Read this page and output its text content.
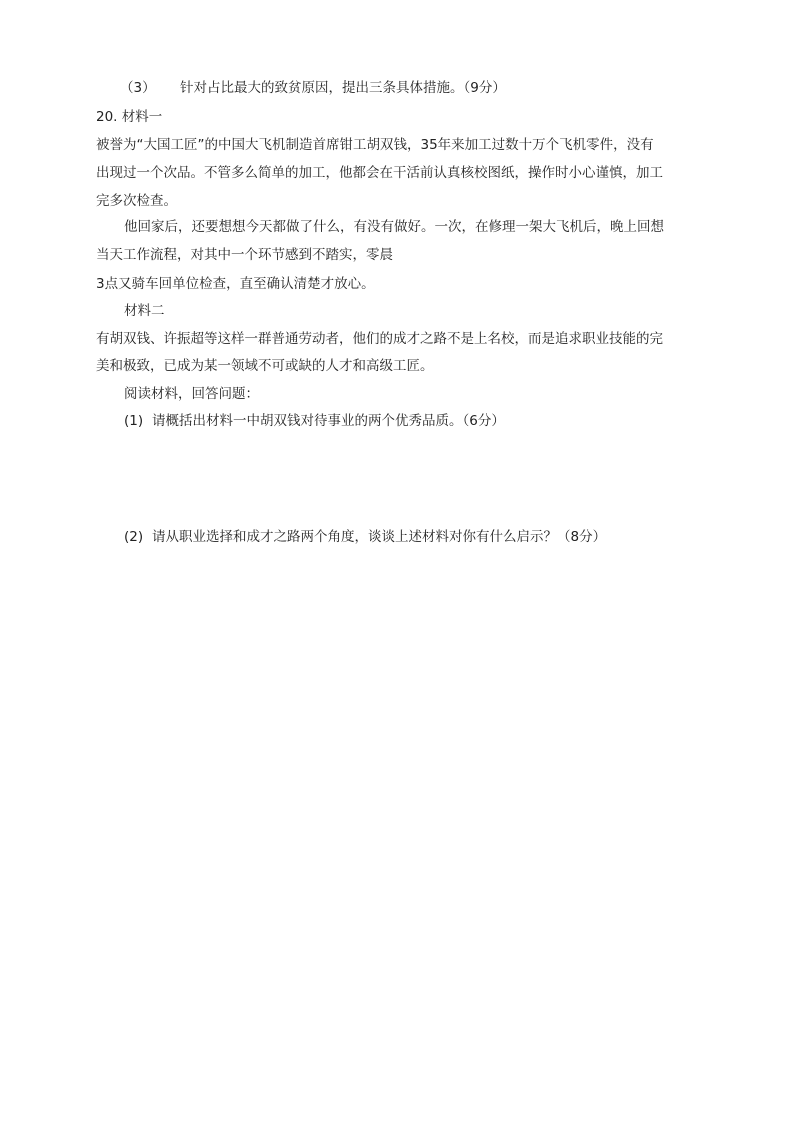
（3） 针对占比最大的致贫原因，提出三条具体措施。（9分）
20. 材料一
被誉为“大国工匠”的中国大飞机制造首席钳工胡双钱，35年来加工过数十万个飞机零件，没有
出现过一个次品。不管多么简单的加工，他都会在干活前认真核校图纸，操作时小心谨慎，加工
完多次检查。
他回家后，还要想想今天都做了什么，有没有做好。一次，在修理一架大飞机后，晚上回想
当天工作流程，对其中一个环节感到不踏实，零晨
3点又骑车回单位检查，直至确认清楚才放心。
材料二
有胡双钱、许振超等这样一群普通劳动者，他们的成才之路不是上名校，而是追求职业技能的完
美和极致，已成为某一领域不可或缺的人才和高级工匠。
阅读材料，回答问题：
(1) 请概括出材料一中胡双钱对待事业的两个优秀品质。（6分）
(2) 请从职业选择和成才之路两个角度，谈谈上述材料对你有什么启示？（8分）
